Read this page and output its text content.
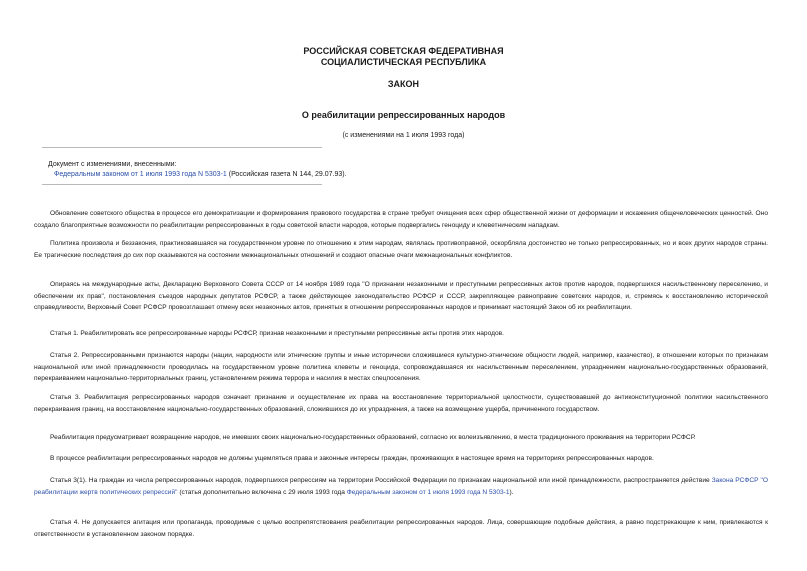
РОССИЙСКАЯ СОВЕТСКАЯ ФЕДЕРАТИВНАЯ
СОЦИАЛИСТИЧЕСКАЯ РЕСПУБЛИКА
ЗАКОН
О реабилитации репрессированных народов
(с изменениями на 1 июля 1993 года)
Документ с изменениями, внесенными:
Федеральным законом от 1 июля 1993 года N 5303-1 (Российская газета N 144, 29.07.93).
Обновление советского общества в процессе его демократизации и формирования правового государства в стране требует очищения всех сфер общественной жизни от деформации и искажения общечеловеческих ценностей. Оно создало благоприятные возможности по реабилитации репрессированных в годы советской власти народов, которые подвергались геноциду и клеветническим нападкам.
Политика произвола и беззакония, практиковавшаяся на государственном уровне по отношению к этим народам, являлась противоправной, оскорбляла достоинство не только репрессированных, но и всех других народов страны. Ее трагические последствия до сих пор сказываются на состоянии межнациональных отношений и создают опасные очаги межнациональных конфликтов.
Опираясь на международные акты, Декларацию Верховного Совета СССР от 14 ноября 1989 года "О признании незаконными и преступными репрессивных актов против народов, подвергшихся насильственному переселению, и обеспечении их прав", постановления съездов народных депутатов РСФСР, а также действующее законодательство РСФСР и СССР, закрепляющее равноправие советских народов, и, стремясь к восстановлению исторической справедливости, Верховный Совет РСФСР провозглашает отмену всех незаконных актов, принятых в отношении репрессированных народов и принимает настоящий Закон об их реабилитации.
Статья 1. Реабилитировать все репрессированные народы РСФСР, признав незаконными и преступными репрессивные акты против этих народов.
Статья 2. Репрессированными признаются народы (нации, народности или этнические группы и иные исторически сложившиеся культурно-этнические общности людей, например, казачество), в отношении которых по признакам национальной или иной принадлежности проводилась на государственном уровне политика клеветы и геноцида, сопровождавшаяся их насильственным переселением, упразднением национально-государственных образований, перекраиванием национально-территориальных границ, установлением режима террора и насилия в местах спецпоселения.
Статья 3. Реабилитация репрессированных народов означает признание и осуществление их права на восстановление территориальной целостности, существовавшей до антиконституционной политики насильственного перекраивания границ, на восстановление национально-государственных образований, сложившихся до их упразднения, а также на возмещение ущерба, причиненного государством.
Реабилитация предусматривает возвращение народов, не имевших своих национально-государственных образований, согласно их волеизъявлению, в места традиционного проживания на территории РСФСР.
В процессе реабилитации репрессированных народов не должны ущемляться права и законные интересы граждан, проживающих в настоящее время на территориях репрессированных народов.
Статья 3(1). На граждан из числа репрессированных народов, подвергшихся репрессиям на территории Российской Федерации по признакам национальной или иной принадлежности, распространяется действие Закона РСФСР "О реабилитации жертв политических репрессий" (статья дополнительно включена с 29 июля 1993 года Федеральным законом от 1 июля 1993 года N 5303-1).
Статья 4. Не допускается агитация или пропаганда, проводимые с целью воспрепятствования реабилитации репрессированных народов. Лица, совершающие подобные действия, а равно подстрекающие к ним, привлекаются к ответственности в установленном законом порядке.
